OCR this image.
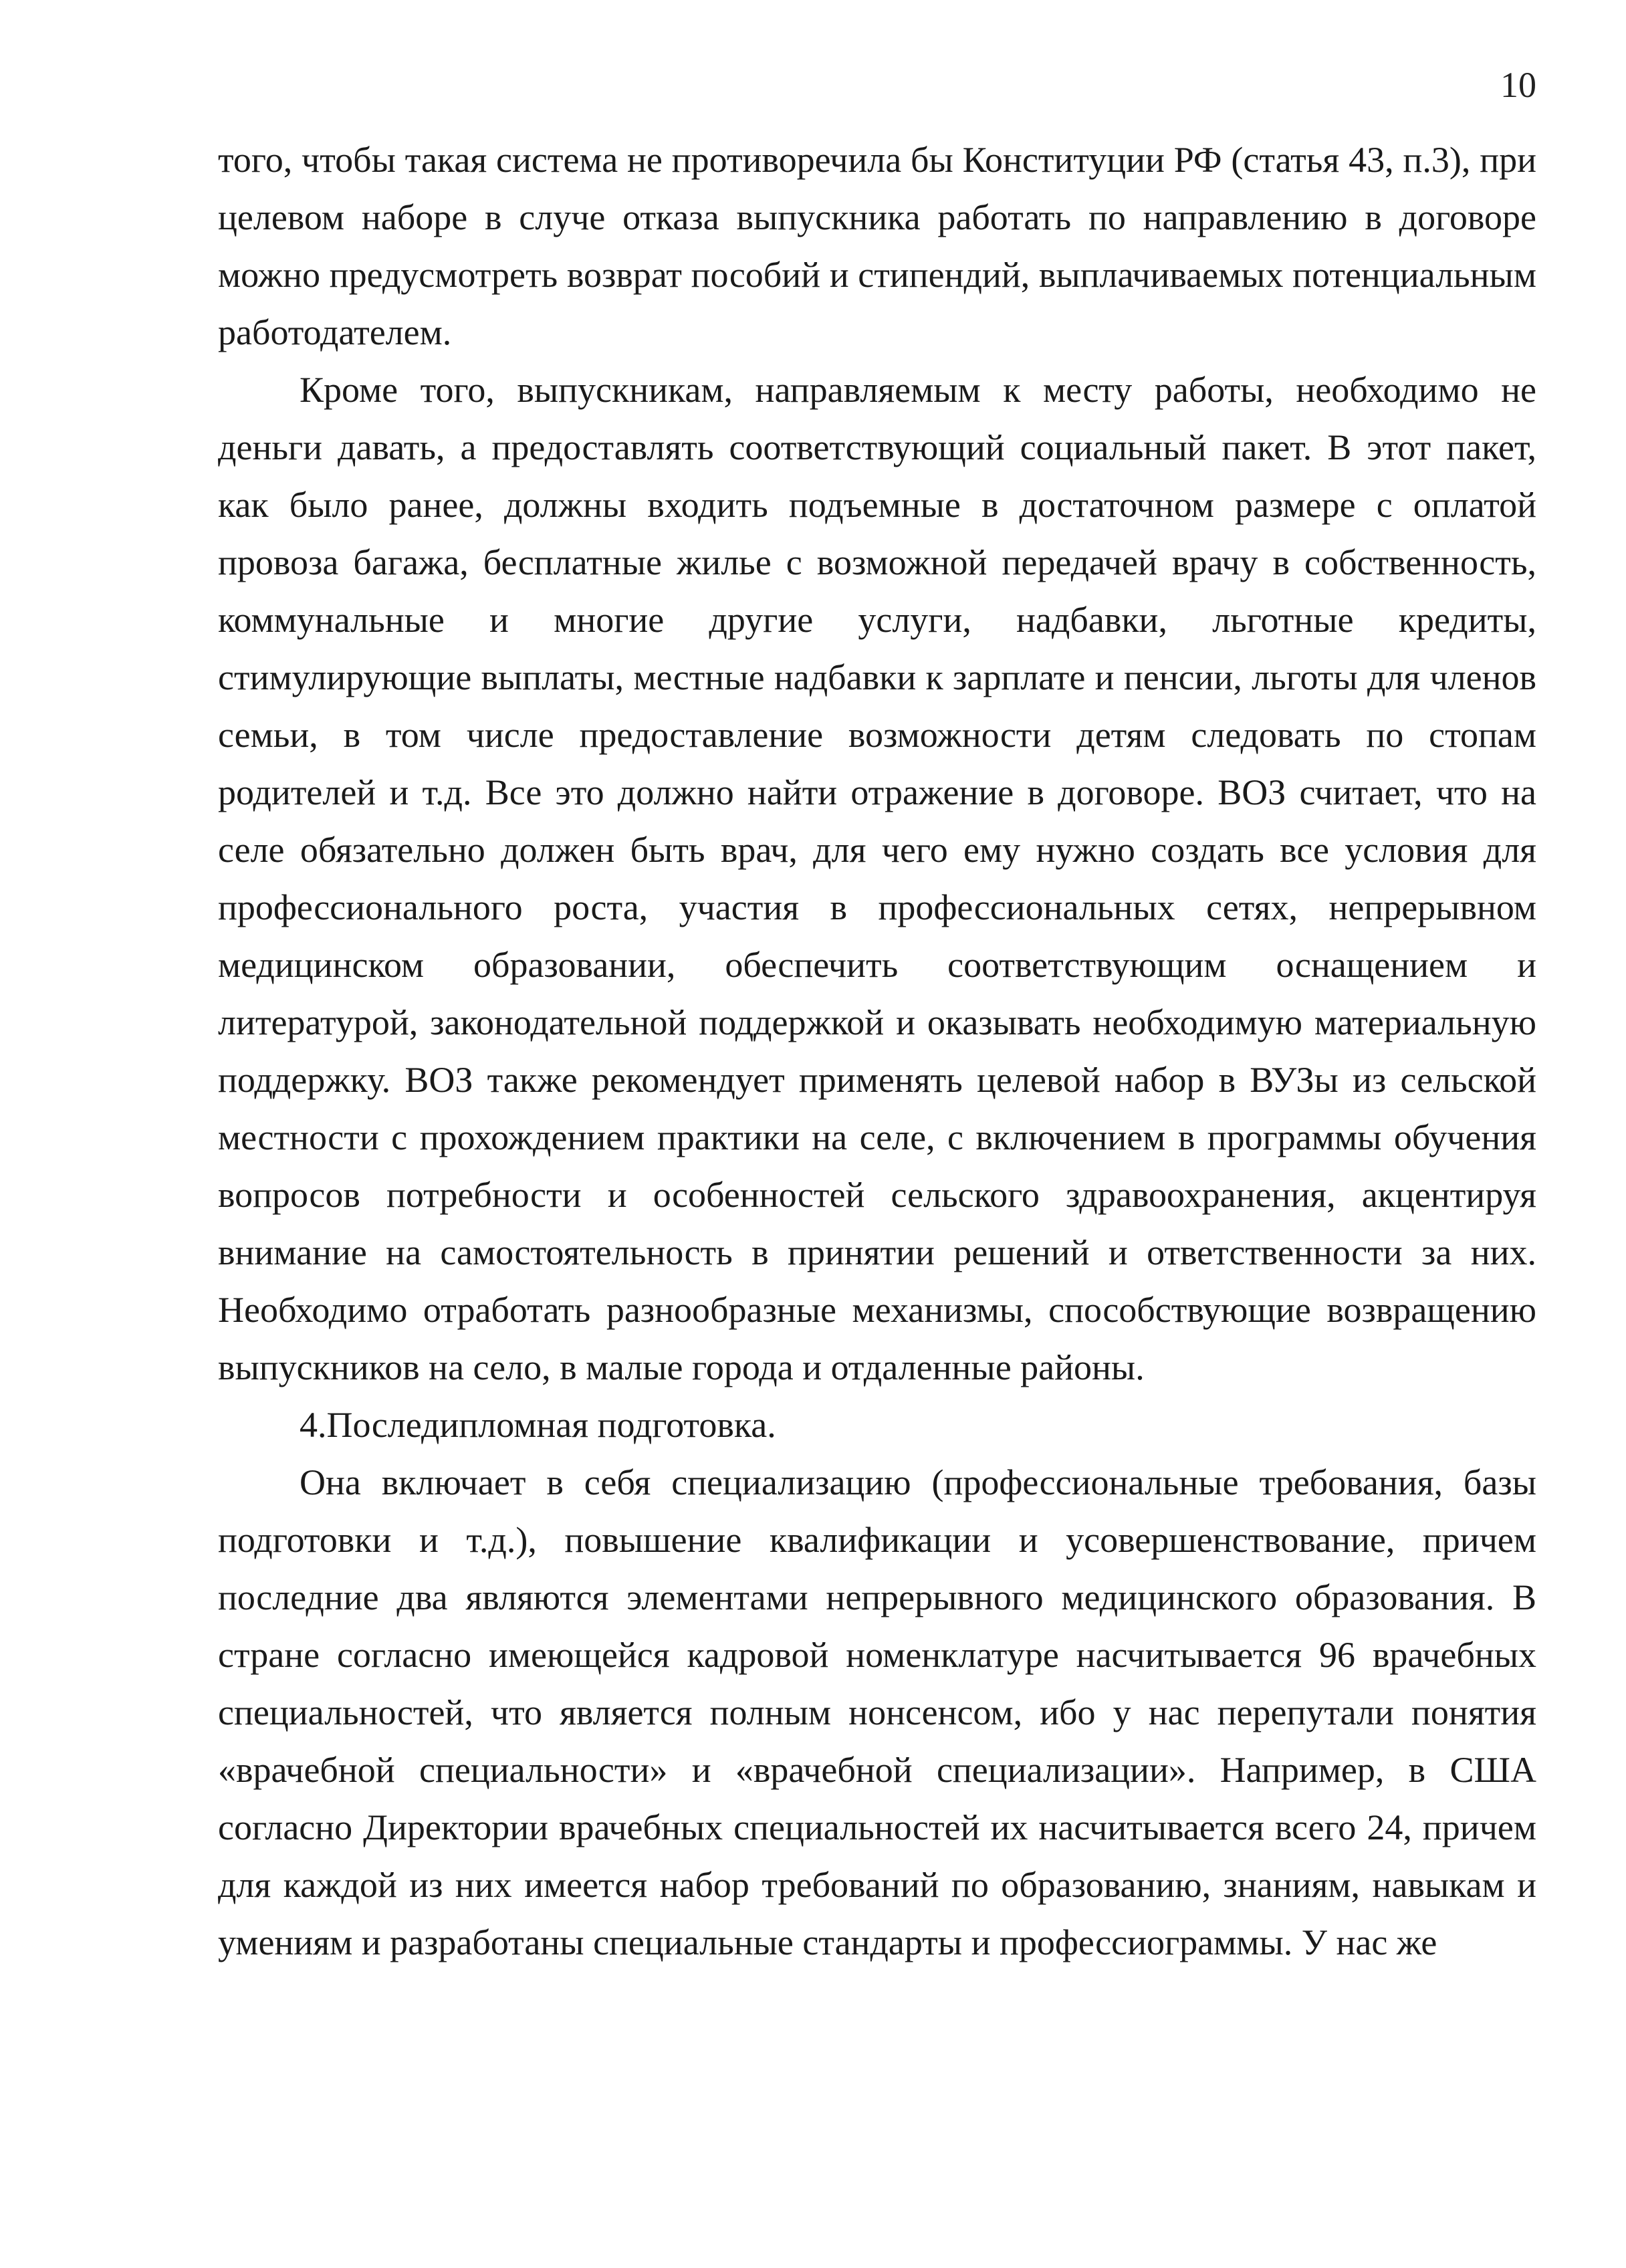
10

того, чтобы такая система не противоречила бы Конституции РФ (статья 43, п.3), при целевом наборе в случе отказа выпускника работать по направлению в договоре можно предусмотреть возврат пособий и стипендий, выплачиваемых потенциальным работодателем.

Кроме того, выпускникам, направляемым к месту работы, необходимо не деньги давать, а предоставлять соответствующий социальный пакет. В этот пакет, как было ранее, должны входить подъемные в достаточном размере с оплатой провоза багажа, бесплатные жилье с возможной передачей врачу в собственность, коммунальные и многие другие услуги, надбавки, льготные кредиты, стимулирующие выплаты, местные надбавки к зарплате и пенсии, льготы для членов семьи, в том числе предоставление возможности детям следовать по стопам родителей и т.д. Все это должно найти отражение в договоре. ВОЗ считает, что на селе обязательно должен быть врач, для чего ему нужно создать все условия для профессионального роста, участия в профессиональных сетях, непрерывном медицинском образовании, обеспечить соответствующим оснащением и литературой, законодательной поддержкой и оказывать необходимую материальную поддержку. ВОЗ также рекомендует применять целевой набор в ВУЗы из сельской местности с прохождением практики на селе, с включением в программы обучения вопросов потребности и особенностей сельского здравоохранения, акцентируя внимание на самостоятельность в принятии решений и ответственности за них. Необходимо отработать разнообразные механизмы, способствующие возвращению выпускников на село, в малые города и отдаленные районы.

4.Последипломная подготовка.

Она включает в себя специализацию (профессиональные требования, базы подготовки и т.д.), повышение квалификации и усовершенствование, причем последние два являются элементами непрерывного медицинского образования. В стране согласно имеющейся кадровой номенклатуре насчитывается 96 врачебных специальностей, что является полным нонсенсом, ибо у нас перепутали понятия «врачебной специальности» и «врачебной специализации». Например, в США согласно Директории врачебных специальностей их насчитывается всего 24, причем для каждой из них имеется набор требований по образованию, знаниям, навыкам и умениям и разработаны специальные стандарты и профессиограммы. У нас же
